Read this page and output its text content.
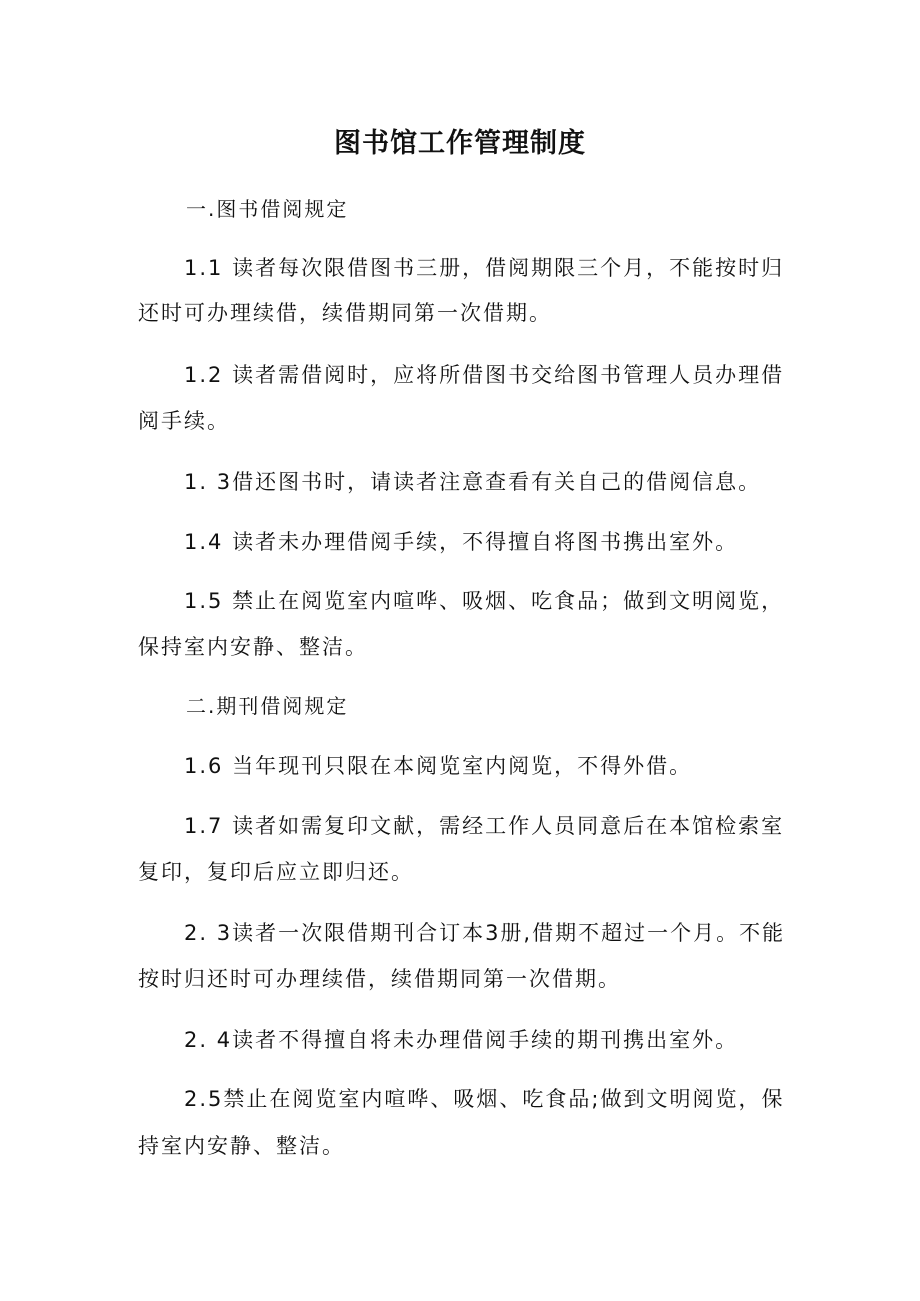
图书馆工作管理制度

一.图书借阅规定

1.1 读者每次限借图书三册，借阅期限三个月，不能按时归

还时可办理续借，续借期同第一次借期。

1.2 读者需借阅时，应将所借图书交给图书管理人员办理借

阅手续。

1. 3借还图书时，请读者注意查看有关自己的借阅信息。

1.4 读者未办理借阅手续，不得擅自将图书携出室外。

1.5 禁止在阅览室内喧哗、吸烟、吃食品；做到文明阅览，

保持室内安静、整洁。

二.期刊借阅规定

1.6 当年现刊只限在本阅览室内阅览，不得外借。

1.7 读者如需复印文献，需经工作人员同意后在本馆检索室

复印，复印后应立即归还。

2. 3读者一次限借期刊合订本3册,借期不超过一个月。不能

按时归还时可办理续借，续借期同第一次借期。

2. 4读者不得擅自将未办理借阅手续的期刊携出室外。

2.5禁止在阅览室内喧哗、吸烟、吃食品;做到文明阅览，保

持室内安静、整洁。
